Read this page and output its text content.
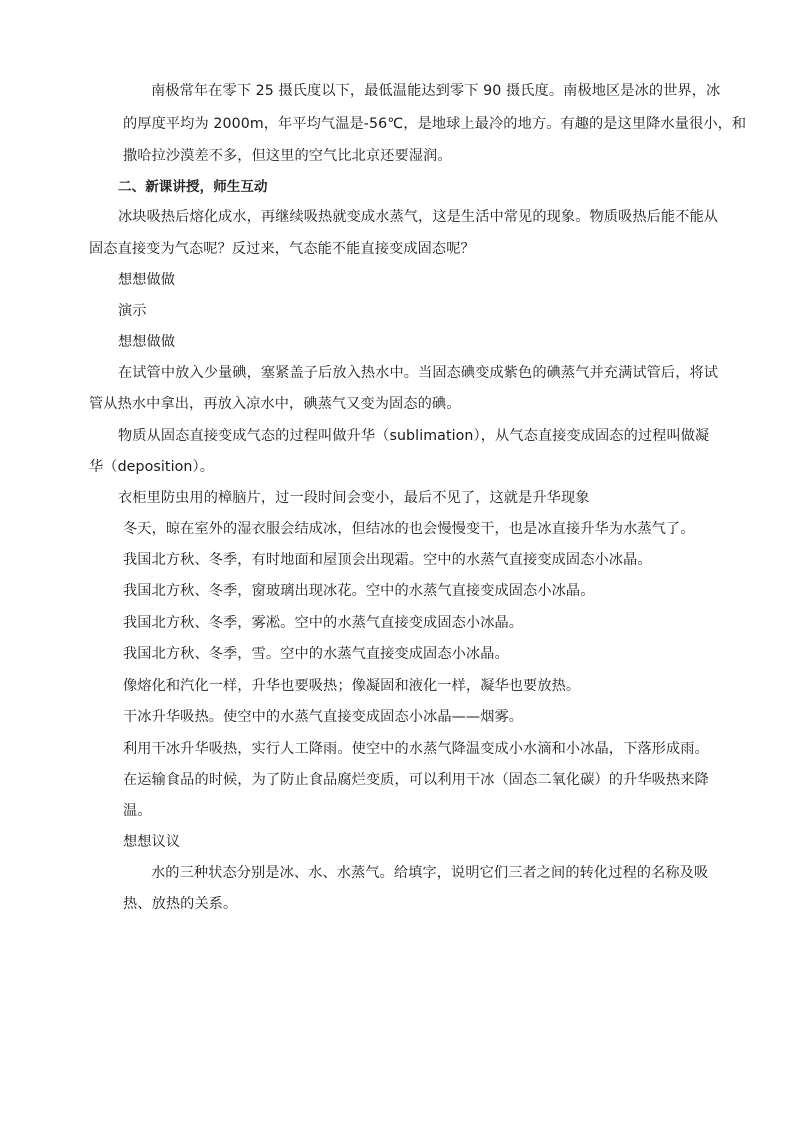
南极常年在零下 25 摄氏度以下，最低温能达到零下 90 摄氏度。南极地区是冰的世界，冰
的厚度平均为 2000m，年平均气温是-56℃，是地球上最冷的地方。有趣的是这里降水量很小，和
撒哈拉沙漠差不多，但这里的空气比北京还要湿润。
二、新课讲授，师生互动
冰块吸热后熔化成水，再继续吸热就变成水蒸气，这是生活中常见的现象。物质吸热后能不能从
固态直接变为气态呢？反过来，气态能不能直接变成固态呢？
想想做做
演示
想想做做
在试管中放入少量碘，塞紧盖子后放入热水中。当固态碘变成紫色的碘蒸气并充满试管后，将试
管从热水中拿出，再放入凉水中，碘蒸气又变为固态的碘。
物质从固态直接变成气态的过程叫做升华（sublimation），从气态直接变成固态的过程叫做凝
华（deposition）。
衣柜里防虫用的樟脑片，过一段时间会变小，最后不见了，这就是升华现象
冬天，晾在室外的湿衣服会结成冰，但结冰的也会慢慢变干，也是冰直接升华为水蒸气了。
我国北方秋、冬季，有时地面和屋顶会出现霜。空中的水蒸气直接变成固态小冰晶。
我国北方秋、冬季，窗玻璃出现冰花。空中的水蒸气直接变成固态小冰晶。
我国北方秋、冬季，雾凇。空中的水蒸气直接变成固态小冰晶。
我国北方秋、冬季，雪。空中的水蒸气直接变成固态小冰晶。
像熔化和汽化一样，升华也要吸热；像凝固和液化一样，凝华也要放热。
干冰升华吸热。使空中的水蒸气直接变成固态小冰晶——烟雾。
利用干冰升华吸热，实行人工降雨。使空中的水蒸气降温变成小水滴和小冰晶，下落形成雨。
在运输食品的时候，为了防止食品腐烂变质，可以利用干冰（固态二氧化碳）的升华吸热来降
温。
想想议议
水的三种状态分别是冰、水、水蒸气。给填字，说明它们三者之间的转化过程的名称及吸
热、放热的关系。
